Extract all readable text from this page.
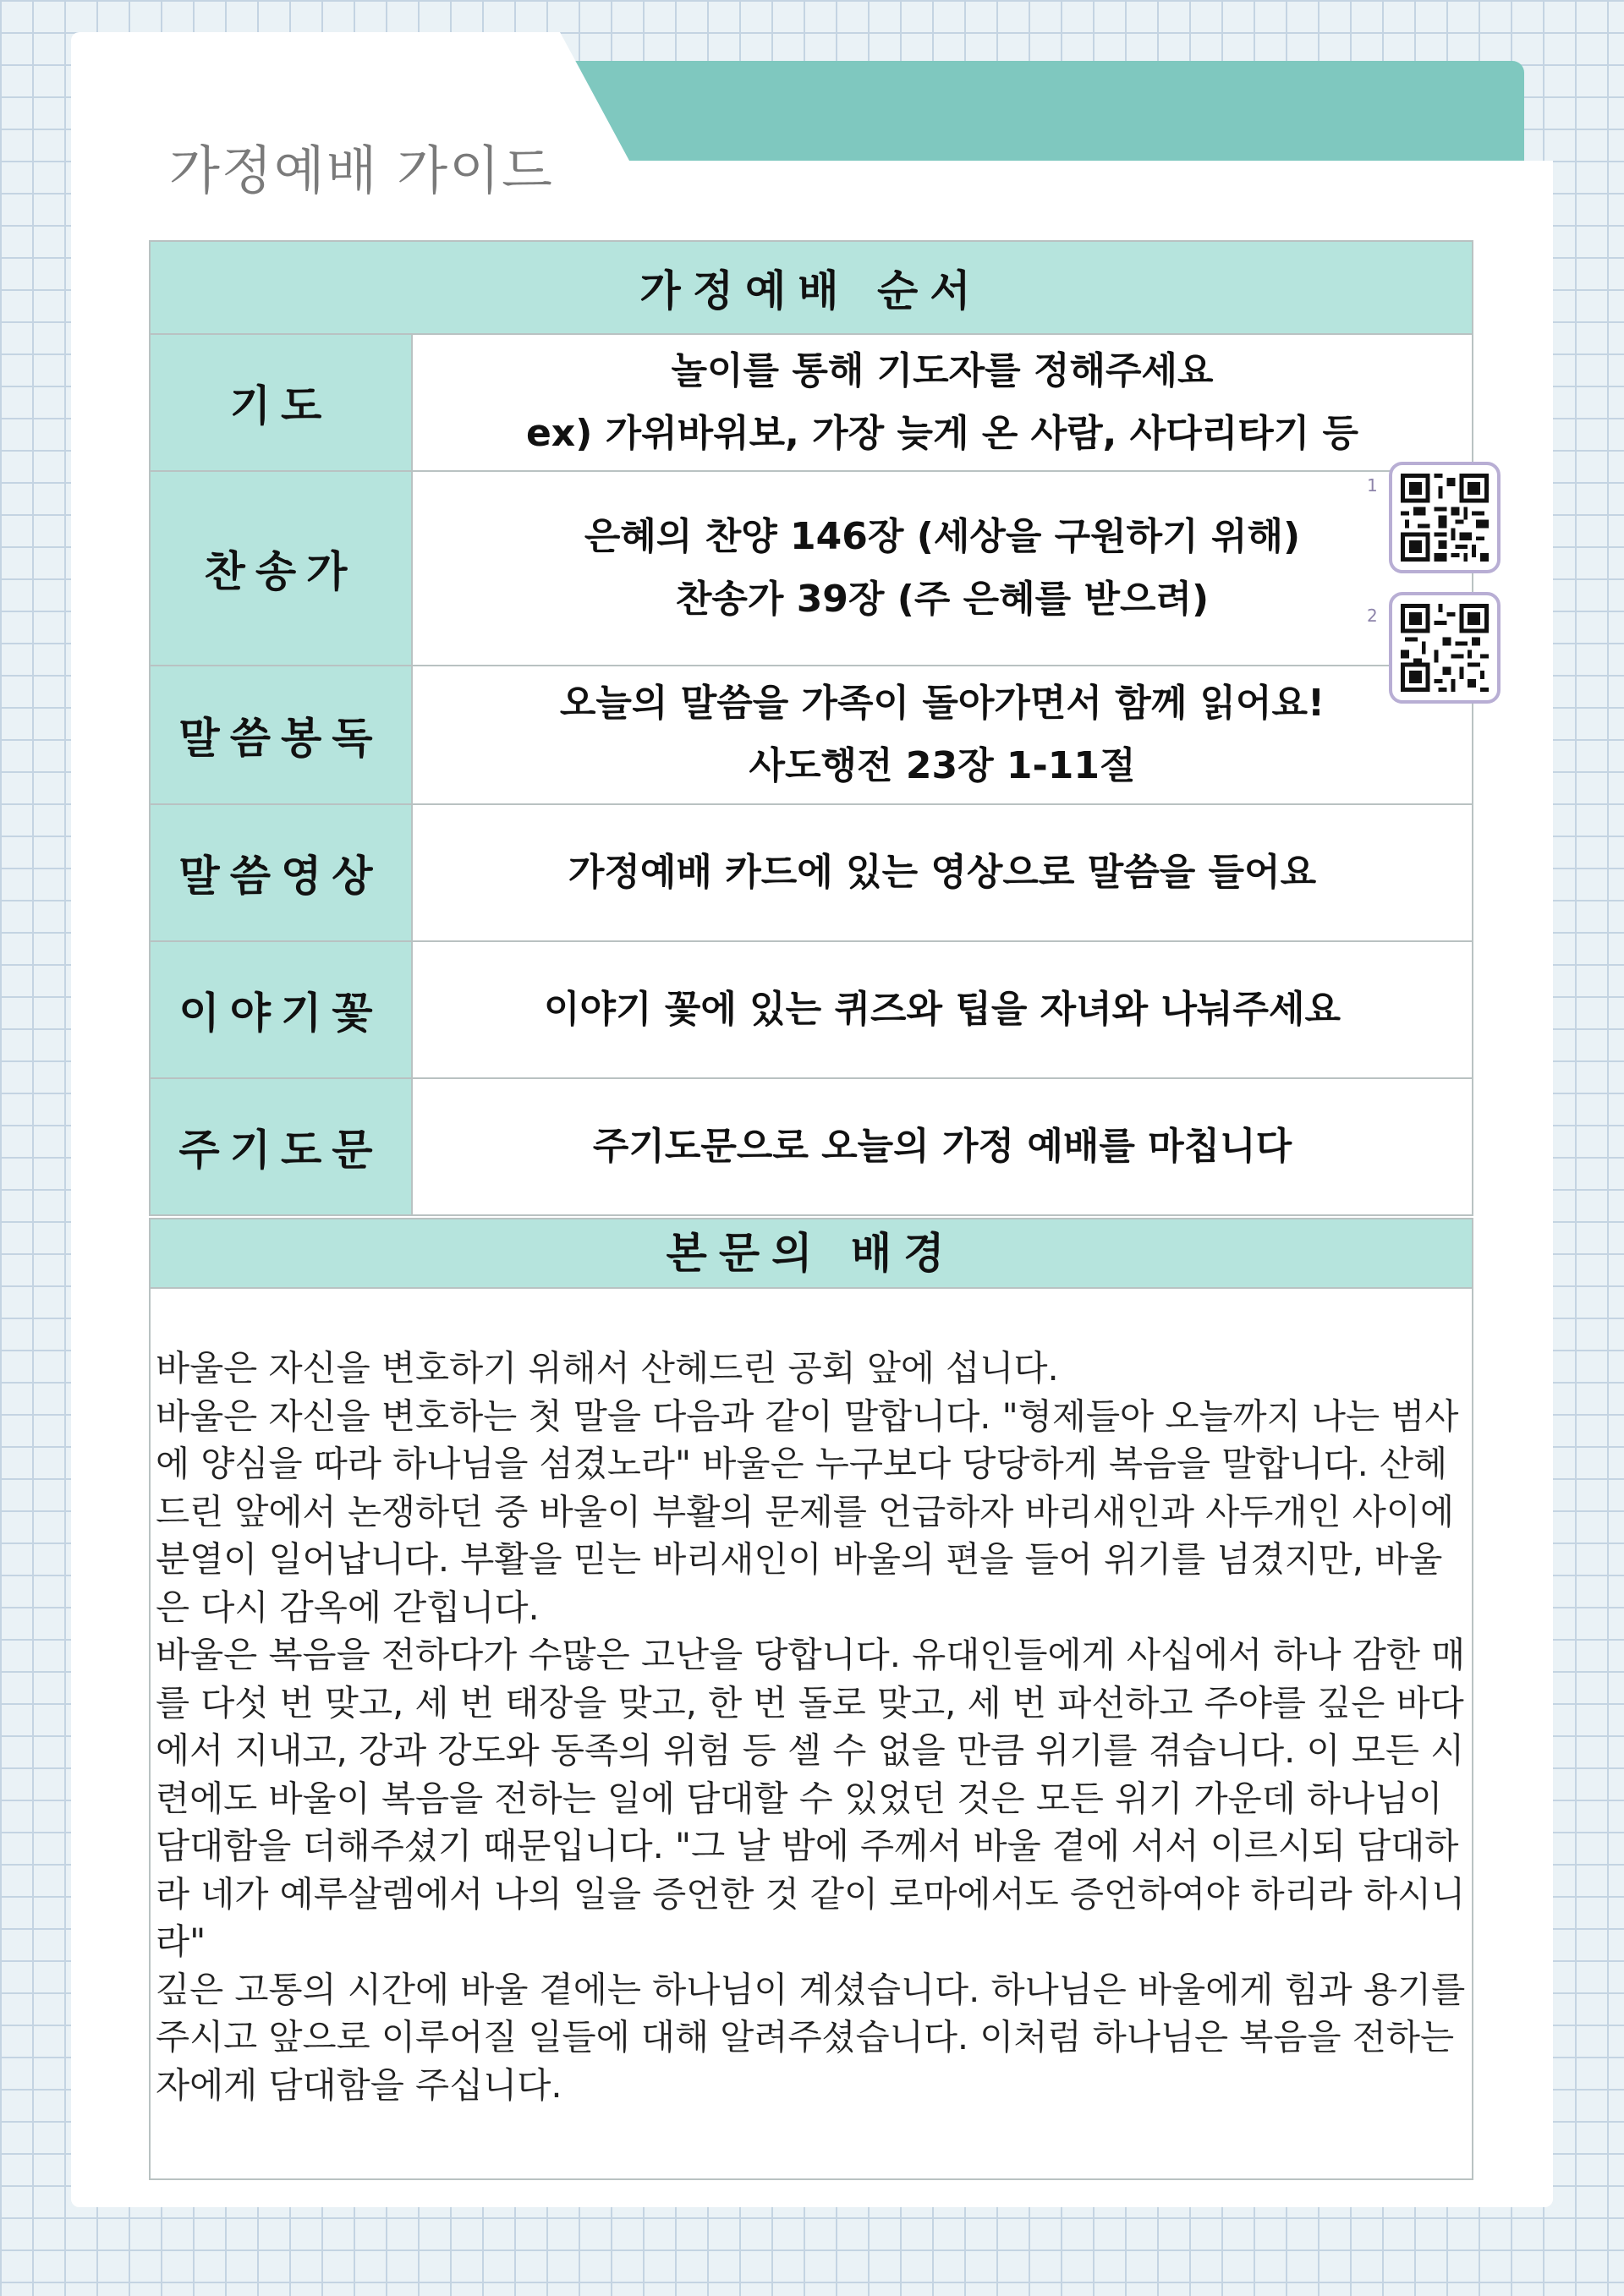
가정예배 가이드
가정예배 순서	
기도	놀이를 통해 기도자를 정해주세요
ex) 가위바위보, 가장 늦게 온 사람, 사다리타기 등

찬송가	은혜의 찬양 146장 (세상을 구원하기 위해)
찬송가 39장 (주 은혜를 받으려)

말씀봉독	오늘의 말씀을 가족이 돌아가면서 함께 읽어요!
사도행전 23장 1-11절

말씀영상	가정예배 카드에 있는 영상으로 말씀을 들어요

이야기꽃	이야기 꽃에 있는 퀴즈와 팁을 자녀와 나눠주세요

주기도문	주기도문으로 오늘의 가정 예배를 마칩니다
1
2
본문의 배경

바울은 자신을 변호하기 위해서 산헤드린 공회 앞에 섭니다.

바울은 자신을 변호하는 첫 말을 다음과 같이 말합니다. "형제들아 오늘까지 나는 범사에 양심을 따라 하나님을 섬겼노라" 바울은 누구보다 당당하게 복음을 말합니다. 산헤드린 앞에서 논쟁하던 중 바울이 부활의 문제를 언급하자 바리새인과 사두개인 사이에 분열이 일어납니다. 부활을 믿는 바리새인이 바울의 편을 들어 위기를 넘겼지만, 바울은 다시 감옥에 갇힙니다.

바울은 복음을 전하다가 수많은 고난을 당합니다. 유대인들에게 사십에서 하나 감한 매를 다섯 번 맞고, 세 번 태장을 맞고, 한 번 돌로 맞고, 세 번 파선하고 주야를 깊은 바다에서 지내고, 강과 강도와 동족의 위험 등 셀 수 없을 만큼 위기를 겪습니다. 이 모든 시련에도 바울이 복음을 전하는 일에 담대할 수 있었던 것은 모든 위기 가운데 하나님이 담대함을 더해주셨기 때문입니다. "그 날 밤에 주께서 바울 곁에 서서 이르시되 담대하라 네가 예루살렘에서 나의 일을 증언한 것 같이 로마에서도 증언하여야 하리라 하시니라"

깊은 고통의 시간에 바울 곁에는 하나님이 계셨습니다. 하나님은 바울에게 힘과 용기를 주시고 앞으로 이루어질 일들에 대해 알려주셨습니다. 이처럼 하나님은 복음을 전하는 자에게 담대함을 주십니다.
